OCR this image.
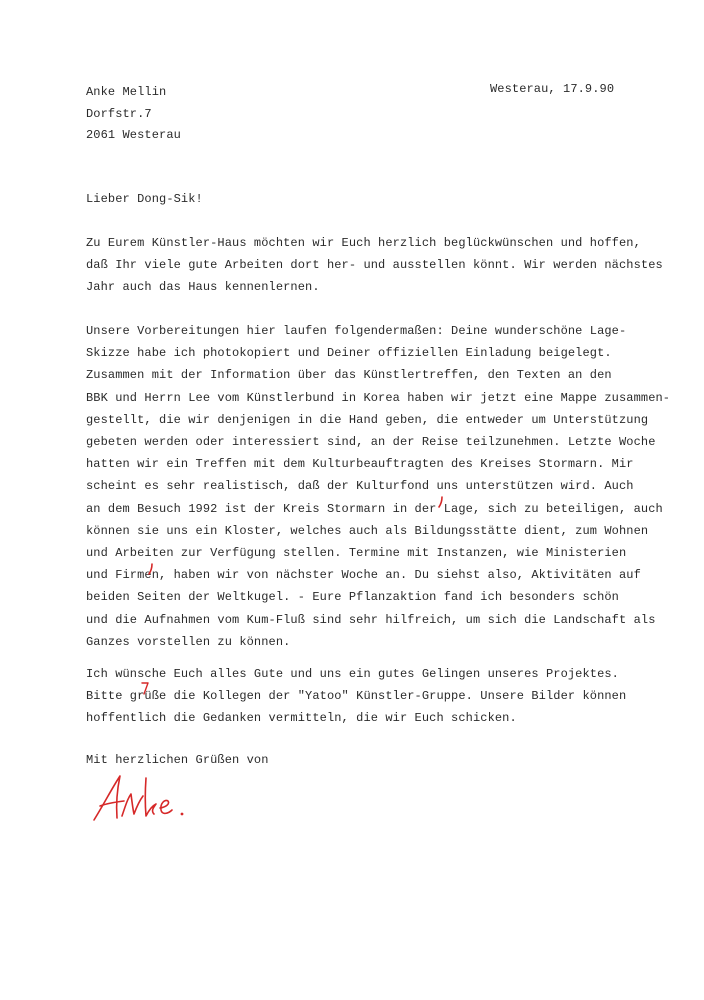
Anke Mellin
Dorfstr.7
2061 Westerau
Westerau, 17.9.90
Lieber Dong-Sik!
Zu Eurem Künstler-Haus möchten wir Euch herzlich beglückwünschen und hoffen,
daß Ihr viele gute Arbeiten dort her- und ausstellen könnt. Wir werden nächstes
Jahr auch das Haus kennenlernen.
Unsere Vorbereitungen hier laufen folgendermaßen: Deine wunderschöne Lage-
Skizze habe ich photokopiert und Deiner offiziellen Einladung beigelegt.
Zusammen mit der Information über das Künstlertreffen, den Texten an den
BBK und Herrn Lee vom Künstlerbund in Korea haben wir jetzt eine Mappe zusammen-
gestellt, die wir denjenigen in die Hand geben, die entweder um Unterstützung
gebeten werden oder interessiert sind, an der Reise teilzunehmen. Letzte Woche
hatten wir ein Treffen mit dem Kulturbeauftragten des Kreises Stormarn. Mir
scheint es sehr realistisch, daß der Kulturfond uns unterstützen wird. Auch
an dem Besuch 1992 ist der Kreis Stormarn in der Lage, sich zu beteiligen, auch
können sie uns ein Kloster, welches auch als Bildungsstätte dient, zum Wohnen
und Arbeiten zur Verfügung stellen. Termine mit Instanzen, wie Ministerien
und Firmen, haben wir von nächster Woche an. Du siehst also, Aktivitäten auf
beiden Seiten der Weltkugel. - Eure Pflanzaktion fand ich besonders schön
und die Aufnahmen vom Kum-Fluß sind sehr hilfreich, um sich die Landschaft als
Ganzes vorstellen zu können.
Ich wünsche Euch alles Gute und uns ein gutes Gelingen unseres Projektes.
Bitte grüße die Kollegen der "Yatoo" Künstler-Gruppe. Unsere Bilder können
hoffentlich die Gedanken vermitteln, die wir Euch schicken.
Mit herzlichen Grüßen von
